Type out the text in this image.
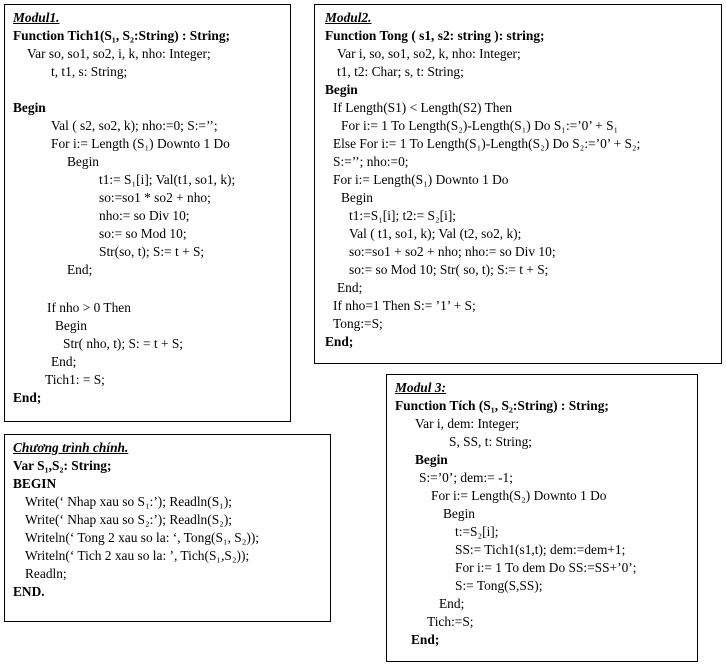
Modul1.
Function Tich1(S₁, S₂:String) : String;
Var so, so1, so2, i, k, nho: Integer;
t, t1, s: String;
Begin
Val ( s2, so2, k); nho:=0; S:=’’;
For i:= Length (S₁) Downto 1 Do
Begin
t1:= S₁[i]; Val(t1, so1, k);
so:=so1 * so2 + nho;
nho:= so Div 10;
so:= so Mod 10;
Str(so, t); S:= t + S;
End;
If nho > 0 Then
Begin
Str( nho, t); S: = t + S;
End;
Tich1: = S;
End;
Modul2.
Function Tong ( s1, s2: string ): string;
Var i, so, so1, so2, k, nho: Integer;
t1, t2: Char; s, t: String;
Begin
If Length(S1) < Length(S2) Then
For i:= 1 To Length(S₂)-Length(S₁) Do S₁:=’0’ + S₁
Else For i:= 1 To Length(S₁)-Length(S₂) Do S₂:=’0’ + S₂;
S:=’’; nho:=0;
For i:= Length(S₁) Downto 1 Do
Begin
t1:=S₁[i]; t2:= S₂[i];
Val ( t1, so1, k); Val (t2, so2, k);
so:=so1 + so2 + nho; nho:= so Div 10;
so:= so Mod 10; Str( so, t); S:= t + S;
End;
If nho=1 Then S:= ’1’ + S;
Tong:=S;
End;
Chương trình chính.
Var S₁,S₂: String;
BEGIN
Write(‘ Nhap xau so S₁:’); Readln(S₁);
Write(‘ Nhap xau so S₂:’); Readln(S₂);
Writeln(‘ Tong 2 xau so la: ‘, Tong(S₁, S₂));
Writeln(‘ Tich 2 xau so la: ’, Tich(S₁,S₂));
Readln;
END.
Modul 3:
Function Tích (S₁, S₂:String) : String;
Var i, dem: Integer;
S, SS, t: String;
Begin
S:=’0’; dem:= -1;
For i:= Length(S₂) Downto 1 Do
Begin
t:=S₂[i];
SS:= Tich1(s1,t); dem:=dem+1;
For i:= 1 To dem Do SS:=SS+’0’;
S:= Tong(S,SS);
End;
Tich:=S;
End;
